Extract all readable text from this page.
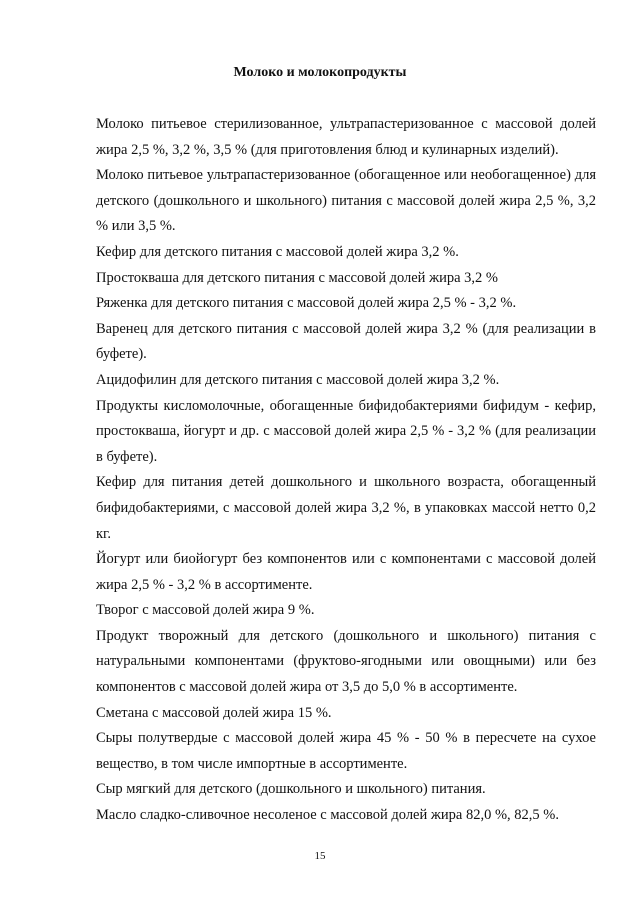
Молоко и молокопродукты

Молоко питьевое стерилизованное, ультрапастеризованное с массовой долей жира 2,5 %, 3,2 %, 3,5 % (для приготовления блюд и кулинарных изделий).

Молоко питьевое ультрапастеризованное (обогащенное или необогащенное) для детского (дошкольного и школьного) питания с массовой долей жира 2,5 %, 3,2 % или 3,5 %.

Кефир для детского питания с массовой долей жира 3,2 %.

Простокваша для детского питания с массовой долей жира 3,2 %

Ряженка для детского питания с массовой долей жира 2,5 % - 3,2 %.

Варенец для детского питания с массовой долей жира 3,2 % (для реализации в буфете).

Ацидофилин для детского питания с массовой долей жира 3,2 %.

Продукты кисломолочные, обогащенные бифидобактериями бифидум - кефир, простокваша, йогурт и др. с массовой долей жира 2,5 % - 3,2 % (для реализации в буфете).

Кефир для питания детей дошкольного и школьного возраста, обогащенный бифидобактериями, с массовой долей жира 3,2 %, в упаковках массой нетто 0,2 кг.

Йогурт или биойогурт без компонентов или с компонентами с массовой долей жира 2,5 % - 3,2 % в ассортименте.

Творог с массовой долей жира 9 %.

Продукт творожный для детского (дошкольного и школьного) питания с натуральными компонентами (фруктово-ягодными или овощными) или без компонентов с массовой долей жира от 3,5 до 5,0 % в ассортименте.

Сметана с массовой долей жира 15 %.

Сыры полутвердые с массовой долей жира 45 % - 50 % в пересчете на сухое вещество, в том числе импортные в ассортименте.

Сыр мягкий для детского (дошкольного и школьного) питания.

Масло сладко-сливочное несоленое с массовой долей жира 82,0 %, 82,5 %.

15
